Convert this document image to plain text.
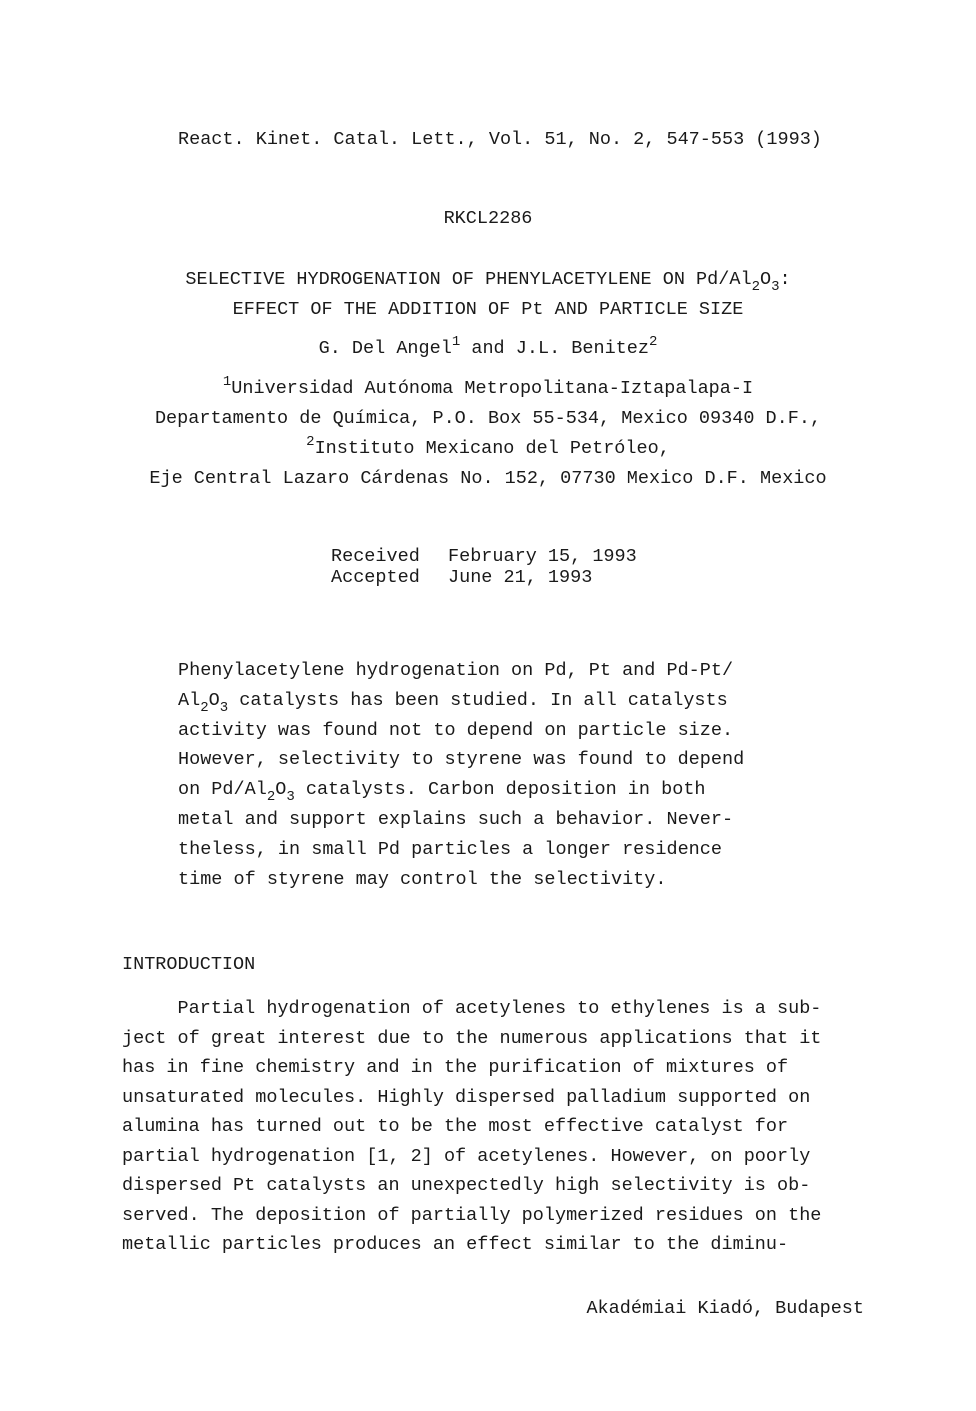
React. Kinet. Catal. Lett., Vol. 51, No. 2, 547-553 (1993)
RKCL2286
SELECTIVE HYDROGENATION OF PHENYLACETYLENE ON $Pd/Al_2O_3$:
EFFECT OF THE ADDITION OF Pt AND PARTICLE SIZE
G. Del Angel$^1$ and J.L. Benitez$^2$
$^1$Universidad Autónoma Metropolitana-Iztapalapa-I
Departamento de Química, P.O. Box 55-534, Mexico 09340 D.F.,
$^2$Instituto Mexicano del Petróleo,
Eje Central Lazaro Cárdenas No. 152, 07730 Mexico D.F. Mexico
Received	February 15, 1993
Accepted	June 21, 1993
Phenylacetylene hydrogenation on Pd, Pt and Pd-Pt/
$Al_2O_3$ catalysts has been studied. In all catalysts
activity was found not to depend on particle size.
However, selectivity to styrene was found to depend
on $Pd/Al_2O_3$ catalysts. Carbon deposition in both
metal and support explains such a behavior. Never-
theless, in small Pd particles a longer residence
time of styrene may control the selectivity.
INTRODUCTION
Partial hydrogenation of acetylenes to ethylenes is a sub-
ject of great interest due to the numerous applications that it
has in fine chemistry and in the purification of mixtures of
unsaturated molecules. Highly dispersed palladium supported on
alumina has turned out to be the most effective catalyst for
partial hydrogenation [1, 2] of acetylenes. However, on poorly
dispersed Pt catalysts an unexpectedly high selectivity is ob-
served. The deposition of partially polymerized residues on the
metallic particles produces an effect similar to the diminu-
Akadémiai Kiadó, Budapest
